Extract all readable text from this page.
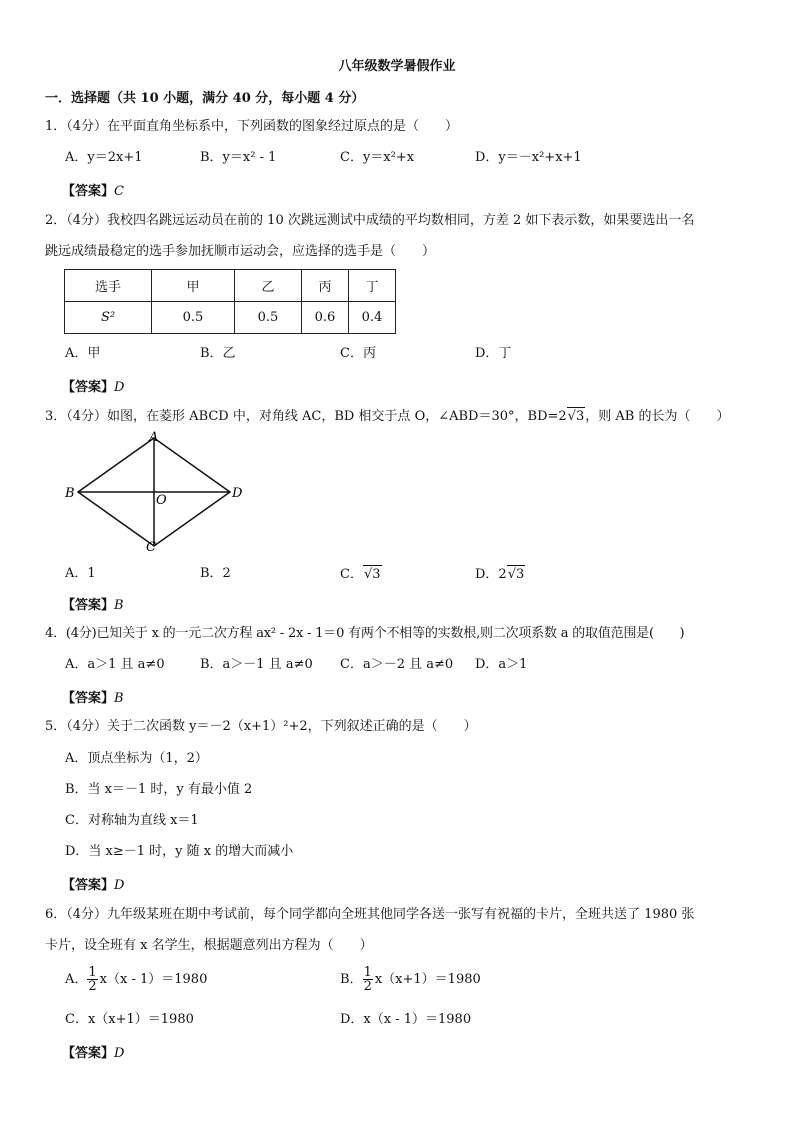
八年级数学暑假作业
一．选择题（共 10 小题，满分 40 分，每小题 4 分）
1．（4分）在平面直角坐标系中，下列函数的图象经过原点的是（　　）
A．y＝2x+1	B．y＝x² - 1	C．y＝x²+x	D．y＝－x²+x+1
【答案】C
2．（4分）我校四名跳远运动员在前的 10 次跳远测试中成绩的平均数相同，方差 2 如下表示数，如果要选出一名
跳远成绩最稳定的选手参加抚顺市运动会，应选择的选手是（　　）
选手	甲	乙	丙	丁
S²	0.5	0.5	0.6	0.4
A．甲	B．乙	C．丙	D．丁
【答案】D
3．（4分）如图，在菱形 ABCD 中，对角线 AC，BD 相交于点 O，∠ABD＝30°，BD=2√3，则 AB 的长为（　　）
A
B	D
C
O
A．1	B．2	C．√3	D．2√3
【答案】B
4．(4分)已知关于 x 的一元二次方程 ax² - 2x - 1＝0 有两个不相等的实数根,则二次项系数 a 的取值范围是(　　)
A．a＞1 且 a≠0	B．a＞－1 且 a≠0 C．a＞－2 且 a≠0 D．a＞1
【答案】B
5．（4分）关于二次函数 y＝－2（x+1）²+2，下列叙述正确的是（　　）
A．顶点坐标为（1，2）
B．当 x＝－1 时，y 有最小值 2
C．对称轴为直线 x＝1
D．当 x≥－1 时，y 随 x 的增大而减小
【答案】D
6．（4分）九年级某班在期中考试前，每个同学都向全班其他同学各送一张写有祝福的卡片，全班共送了 1980 张
卡片，设全班有 x 名学生，根据题意列出方程为（　　）
A． $\frac{1}{2} x(x - 1)=1980$	B． $\frac{1}{2} x(x+1)=1980$
C．x（x+1）＝1980	D．x（x - 1）＝1980
【答案】D
